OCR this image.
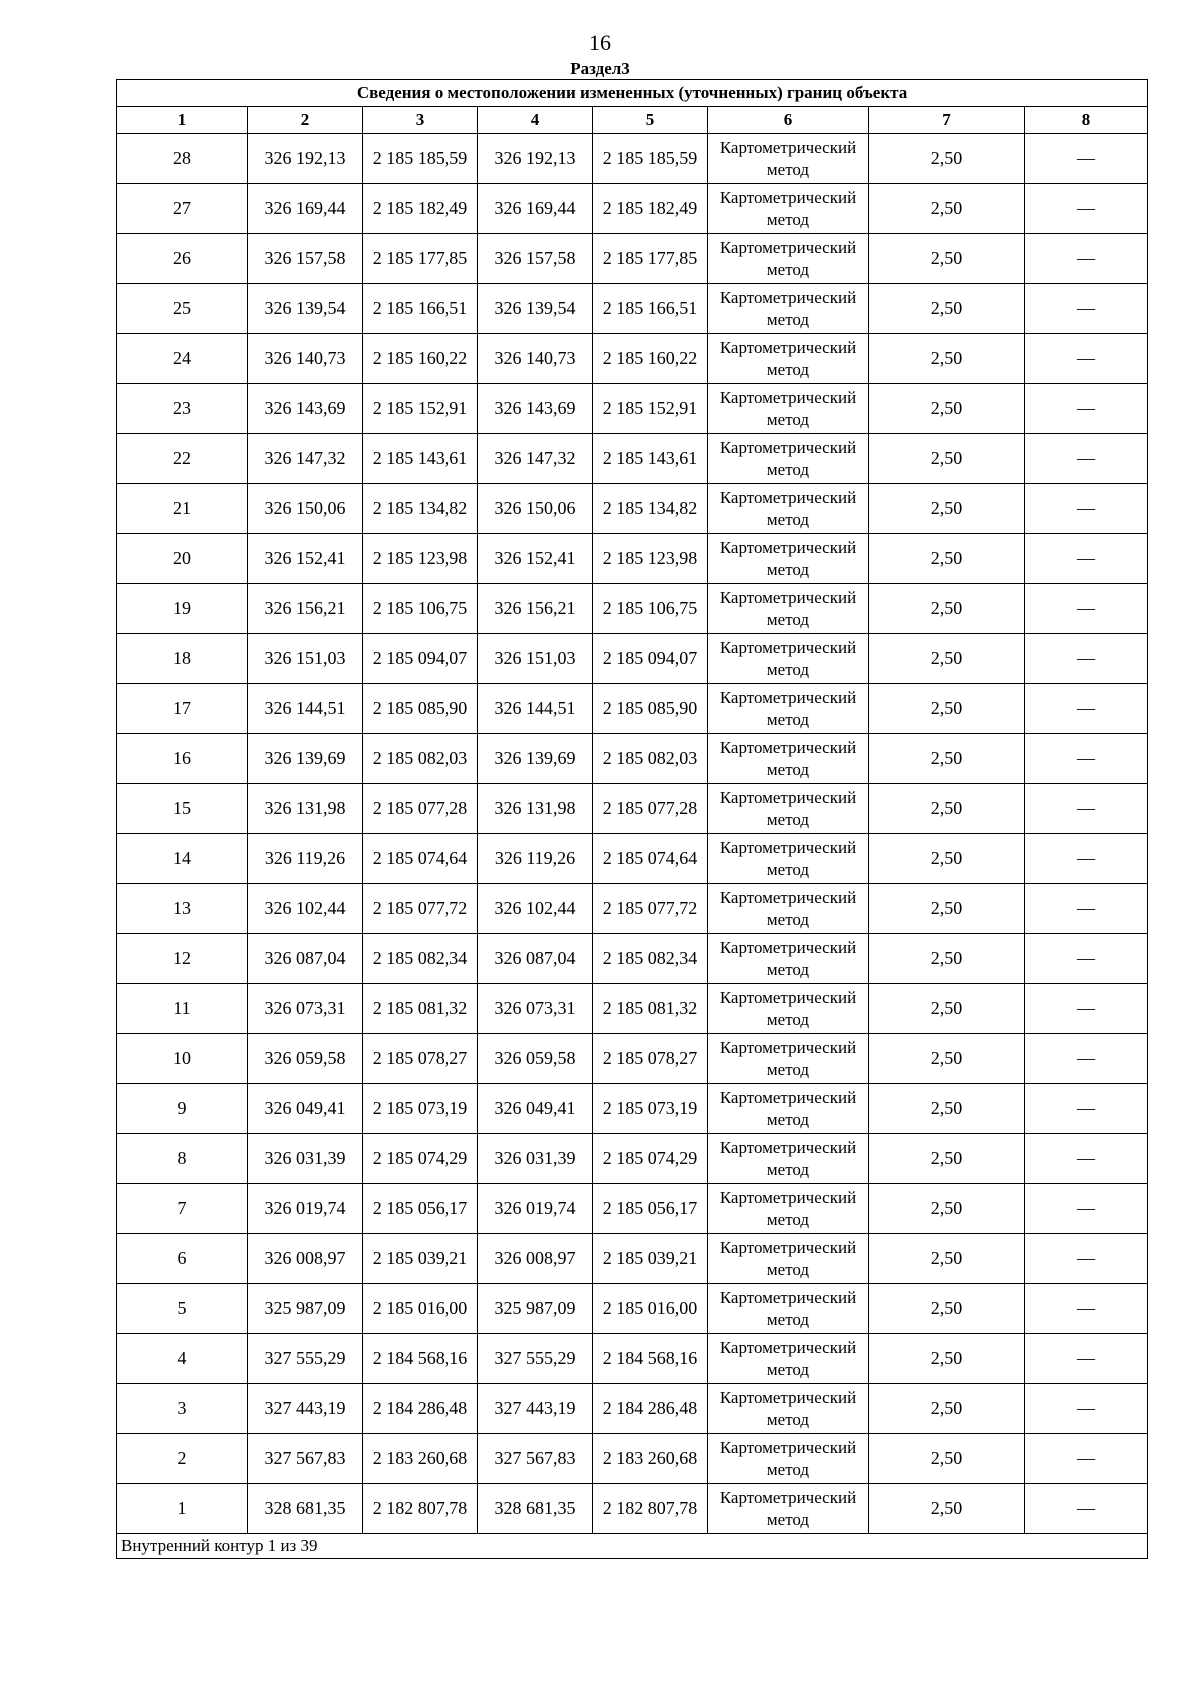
16
Раздел3
Сведения о местоположении измененных (уточненных) границ объекта							
1	2	3	4	5	6	7	8
28	326 192,13	2 185 185,59	326 192,13	2 185 185,59	Картометрический метод	2,50	—
27	326 169,44	2 185 182,49	326 169,44	2 185 182,49	Картометрический метод	2,50	—
26	326 157,58	2 185 177,85	326 157,58	2 185 177,85	Картометрический метод	2,50	—
25	326 139,54	2 185 166,51	326 139,54	2 185 166,51	Картометрический метод	2,50	—
24	326 140,73	2 185 160,22	326 140,73	2 185 160,22	Картометрический метод	2,50	—
23	326 143,69	2 185 152,91	326 143,69	2 185 152,91	Картометрический метод	2,50	—
22	326 147,32	2 185 143,61	326 147,32	2 185 143,61	Картометрический метод	2,50	—
21	326 150,06	2 185 134,82	326 150,06	2 185 134,82	Картометрический метод	2,50	—
20	326 152,41	2 185 123,98	326 152,41	2 185 123,98	Картометрический метод	2,50	—
19	326 156,21	2 185 106,75	326 156,21	2 185 106,75	Картометрический метод	2,50	—
18	326 151,03	2 185 094,07	326 151,03	2 185 094,07	Картометрический метод	2,50	—
17	326 144,51	2 185 085,90	326 144,51	2 185 085,90	Картометрический метод	2,50	—
16	326 139,69	2 185 082,03	326 139,69	2 185 082,03	Картометрический метод	2,50	—
15	326 131,98	2 185 077,28	326 131,98	2 185 077,28	Картометрический метод	2,50	—
14	326 119,26	2 185 074,64	326 119,26	2 185 074,64	Картометрический метод	2,50	—
13	326 102,44	2 185 077,72	326 102,44	2 185 077,72	Картометрический метод	2,50	—
12	326 087,04	2 185 082,34	326 087,04	2 185 082,34	Картометрический метод	2,50	—
11	326 073,31	2 185 081,32	326 073,31	2 185 081,32	Картометрический метод	2,50	—
10	326 059,58	2 185 078,27	326 059,58	2 185 078,27	Картометрический метод	2,50	—
9	326 049,41	2 185 073,19	326 049,41	2 185 073,19	Картометрический метод	2,50	—
8	326 031,39	2 185 074,29	326 031,39	2 185 074,29	Картометрический метод	2,50	—
7	326 019,74	2 185 056,17	326 019,74	2 185 056,17	Картометрический метод	2,50	—
6	326 008,97	2 185 039,21	326 008,97	2 185 039,21	Картометрический метод	2,50	—
5	325 987,09	2 185 016,00	325 987,09	2 185 016,00	Картометрический метод	2,50	—
4	327 555,29	2 184 568,16	327 555,29	2 184 568,16	Картометрический метод	2,50	—
3	327 443,19	2 184 286,48	327 443,19	2 184 286,48	Картометрический метод	2,50	—
2	327 567,83	2 183 260,68	327 567,83	2 183 260,68	Картометрический метод	2,50	—
1	328 681,35	2 182 807,78	328 681,35	2 182 807,78	Картометрический метод	2,50	—
Внутренний контур 1 из 39							
